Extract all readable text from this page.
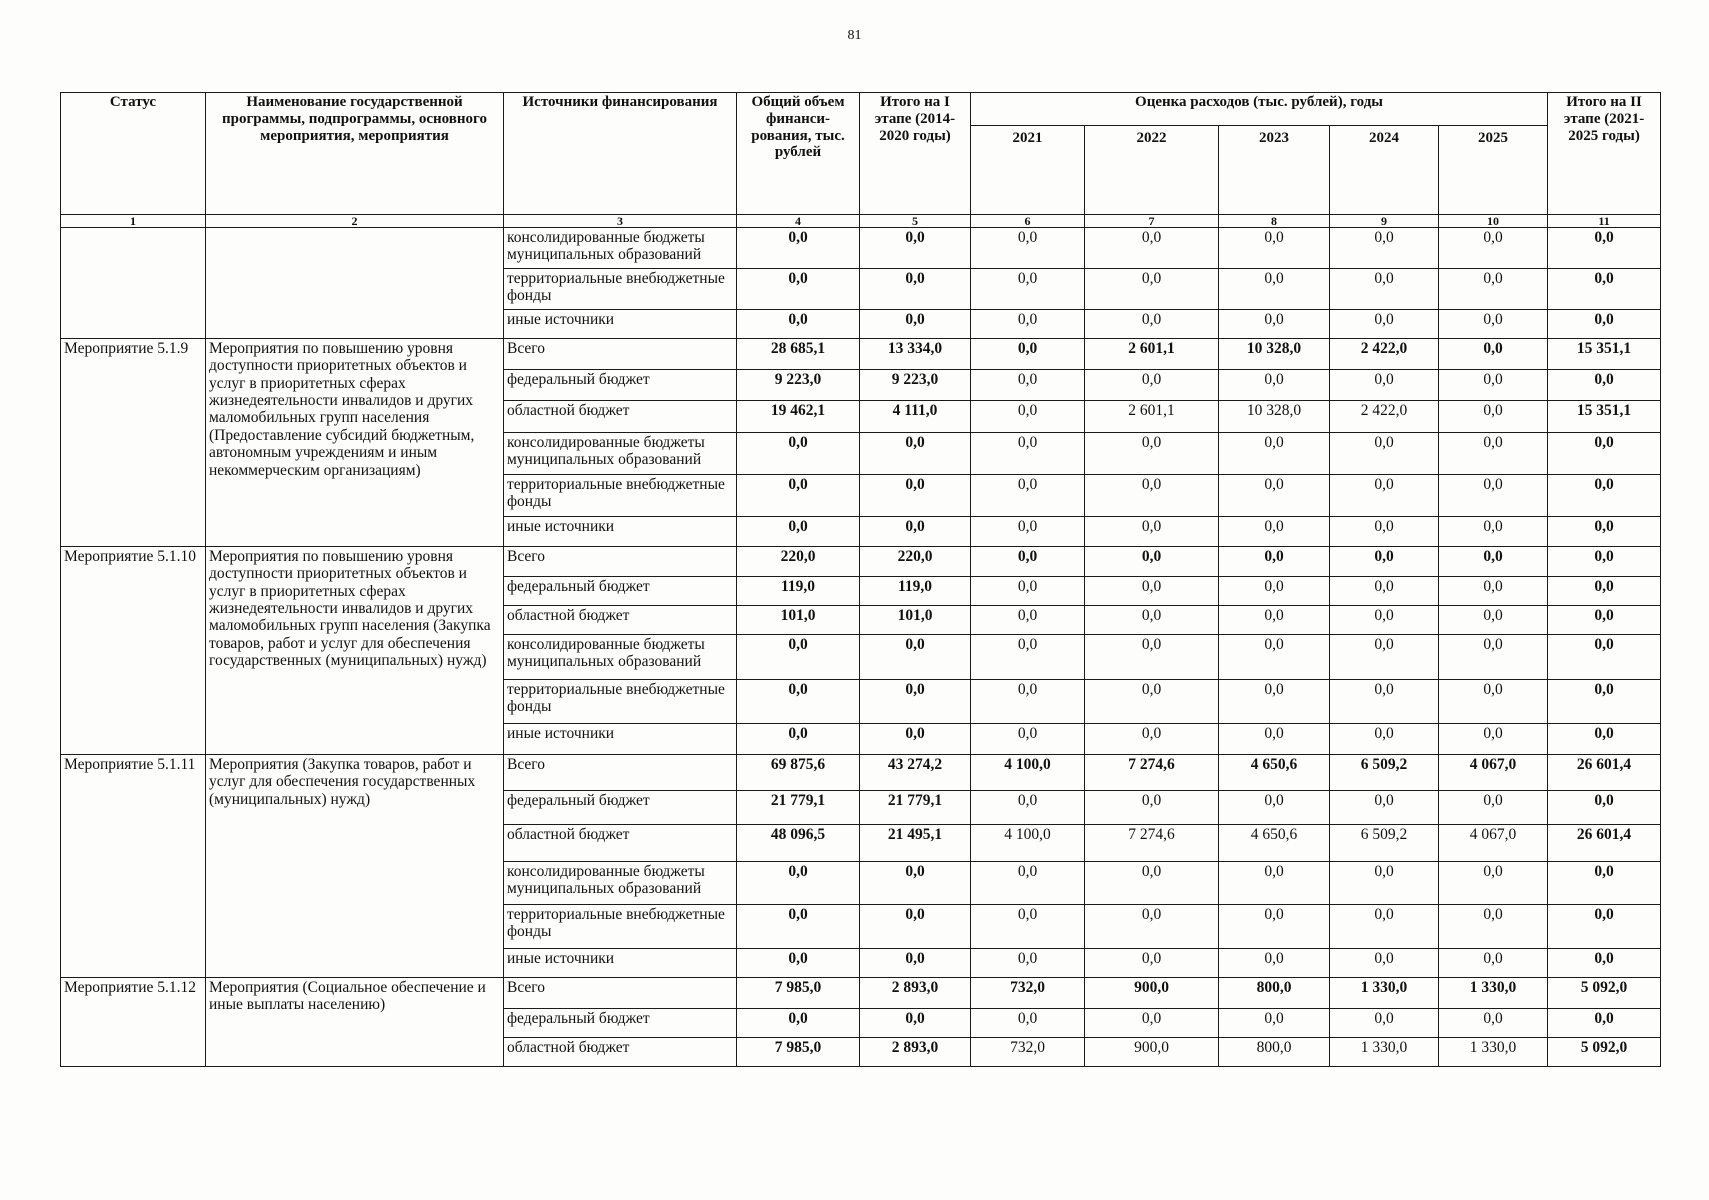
81
Статус	Наименование государственной программы, подпрограммы, основного мероприятия, мероприятия	Источники финансирования	Общий объем финанси- рования, тыс. рублей	Итого на I этапе (2014- 2020 годы)	Оценка расходов (тыс. рублей), годы					Итого на II этапе (2021- 2025 годы)
					2021	2022	2023	2024	2025	
1	2	3	4	5	6	7	8	9	10	11
		консолидированные бюджеты муниципальных образований	0,0	0,0	0,0	0,0	0,0	0,0	0,0	0,0
		территориальные внебюджетные фонды	0,0	0,0	0,0	0,0	0,0	0,0	0,0	0,0
		иные источники	0,0	0,0	0,0	0,0	0,0	0,0	0,0	0,0
Мероприятие 5.1.9	Мероприятия по повышению уровня доступности приоритетных объектов и услуг в приоритетных сферах жизнедеятельности инвалидов и других маломобильных групп населения (Предоставление субсидий бюджетным, автономным учреждениям и иным некоммерческим организациям)	Всего	28 685,1	13 334,0	0,0	2 601,1	10 328,0	2 422,0	0,0	15 351,1
		федеральный бюджет	9 223,0	9 223,0	0,0	0,0	0,0	0,0	0,0	0,0
		областной бюджет	19 462,1	4 111,0	0,0	2 601,1	10 328,0	2 422,0	0,0	15 351,1
		консолидированные бюджеты муниципальных образований	0,0	0,0	0,0	0,0	0,0	0,0	0,0	0,0
		территориальные внебюджетные фонды	0,0	0,0	0,0	0,0	0,0	0,0	0,0	0,0
		иные источники	0,0	0,0	0,0	0,0	0,0	0,0	0,0	0,0
Мероприятие 5.1.10	Мероприятия по повышению уровня доступности приоритетных объектов и услуг в приоритетных сферах жизнедеятельности инвалидов и других маломобильных групп населения (Закупка товаров, работ и услуг для обеспечения государственных (муниципальных) нужд)	Всего	220,0	220,0	0,0	0,0	0,0	0,0	0,0	0,0
		федеральный бюджет	119,0	119,0	0,0	0,0	0,0	0,0	0,0	0,0
		областной бюджет	101,0	101,0	0,0	0,0	0,0	0,0	0,0	0,0
		консолидированные бюджеты муниципальных образований	0,0	0,0	0,0	0,0	0,0	0,0	0,0	0,0
		территориальные внебюджетные фонды	0,0	0,0	0,0	0,0	0,0	0,0	0,0	0,0
		иные источники	0,0	0,0	0,0	0,0	0,0	0,0	0,0	0,0
Мероприятие 5.1.11	Мероприятия (Закупка товаров, работ и услуг для обеспечения государственных (муниципальных) нужд)	Всего	69 875,6	43 274,2	4 100,0	7 274,6	4 650,6	6 509,2	4 067,0	26 601,4
		федеральный бюджет	21 779,1	21 779,1	0,0	0,0	0,0	0,0	0,0	0,0
		областной бюджет	48 096,5	21 495,1	4 100,0	7 274,6	4 650,6	6 509,2	4 067,0	26 601,4
		консолидированные бюджеты муниципальных образований	0,0	0,0	0,0	0,0	0,0	0,0	0,0	0,0
		территориальные внебюджетные фонды	0,0	0,0	0,0	0,0	0,0	0,0	0,0	0,0
		иные источники	0,0	0,0	0,0	0,0	0,0	0,0	0,0	0,0
Мероприятие 5.1.12	Мероприятия (Социальное обеспечение и иные выплаты населению)	Всего	7 985,0	2 893,0	732,0	900,0	800,0	1 330,0	1 330,0	5 092,0
		федеральный бюджет	0,0	0,0	0,0	0,0	0,0	0,0	0,0	0,0
		областной бюджет	7 985,0	2 893,0	732,0	900,0	800,0	1 330,0	1 330,0	5 092,0
